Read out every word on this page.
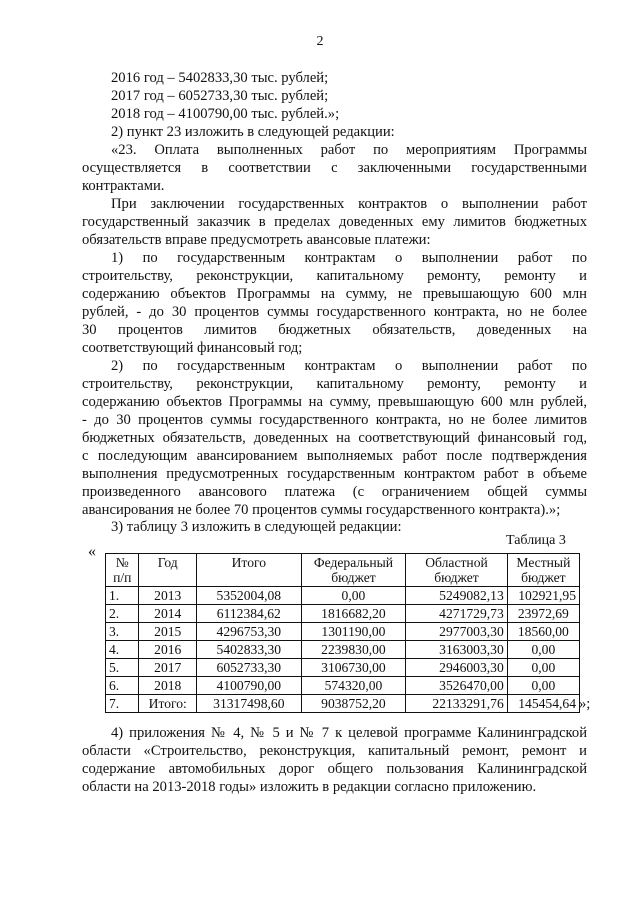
2
2016 год – 5402833,30 тыс. рублей;
2017 год – 6052733,30 тыс. рублей;
2018 год – 4100790,00 тыс. рублей.»;
2) пункт 23 изложить в следующей редакции:
«23. Оплата выполненных работ по мероприятиям Программы
осуществляется в соответствии с заключенными государственными
контрактами.
При заключении государственных контрактов о выполнении работ
государственный заказчик в пределах доведенных ему лимитов бюджетных
обязательств вправе предусмотреть авансовые платежи:
1) по государственным контрактам о выполнении работ по
строительству, реконструкции, капитальному ремонту, ремонту и
содержанию объектов Программы на сумму, не превышающую 600 млн
рублей, - до 30 процентов суммы государственного контракта, но не более
30 процентов лимитов бюджетных обязательств, доведенных на
соответствующий финансовый год;
2) по государственным контрактам о выполнении работ по
строительству, реконструкции, капитальному ремонту, ремонту и
содержанию объектов Программы на сумму, превышающую 600 млн рублей,
- до 30 процентов суммы государственного контракта, но не более лимитов
бюджетных обязательств, доведенных на соответствующий финансовый год,
с последующим авансированием выполняемых работ после подтверждения
выполнения предусмотренных государственным контрактом работ в объеме
произведенного авансового платежа (с ограничением общей суммы
авансирования не более 70 процентов суммы государственного контракта).»;
3) таблицу 3 изложить в следующей редакции:
Таблица 3
«
№
п/п	Год	Итого	Федеральный бюджет	Областной бюджет	Местный бюджет
1.	2013	5352004,08	0,00	5249082,13	102921,95
2.	2014	6112384,62	1816682,20	4271729,73	23972,69
3.	2015	4296753,30	1301190,00	2977003,30	18560,00
4.	2016	5402833,30	2239830,00	3163003,30	0,00
5.	2017	6052733,30	3106730,00	2946003,30	0,00
6.	2018	4100790,00	574320,00	3526470,00	0,00
7.	Итого:	31317498,60	9038752,20	22133291,76	145454,64 »;
4) приложения № 4, № 5 и № 7 к целевой программе Калининградской
области «Строительство, реконструкция, капитальный ремонт, ремонт и
содержание автомобильных дорог общего пользования Калининградской
области на 2013-2018 годы» изложить в редакции согласно приложению.
